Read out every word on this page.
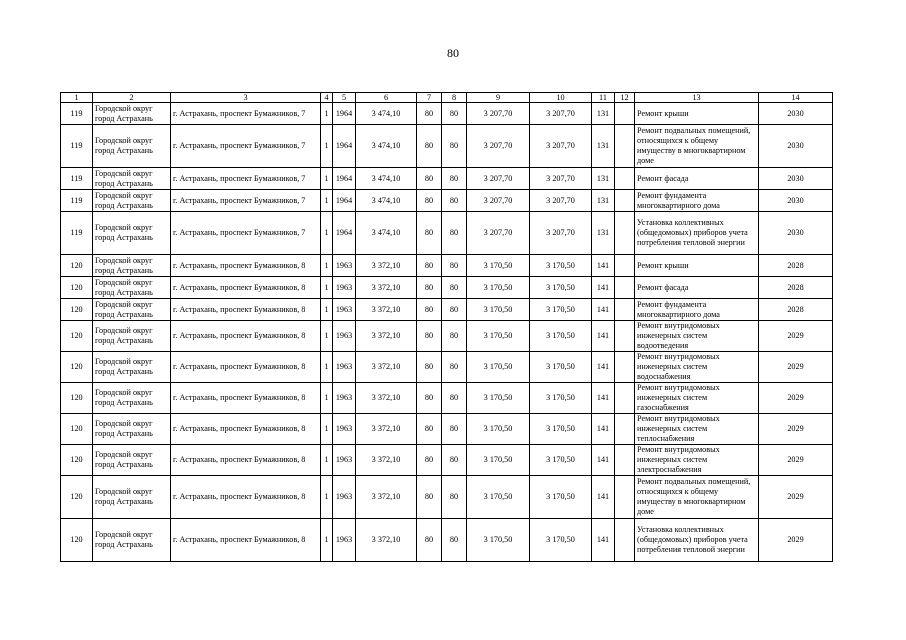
80
1	2	3	4	5	6	7	8	9	10	11	12	13	14
119	Городской округ город Астрахань	г. Астрахань, проспект Бумажников, 7	1	1964	3 474,10	80	80	3 207,70	3 207,70	131		Ремонт крыши	2030
119	Городской округ город Астрахань	г. Астрахань, проспект Бумажников, 7	1	1964	3 474,10	80	80	3 207,70	3 207,70	131		Ремонт подвальных помещений, относящихся к общему имуществу в многоквартирном доме	2030
119	Городской округ город Астрахань	г. Астрахань, проспект Бумажников, 7	1	1964	3 474,10	80	80	3 207,70	3 207,70	131		Ремонт фасада	2030
119	Городской округ город Астрахань	г. Астрахань, проспект Бумажников, 7	1	1964	3 474,10	80	80	3 207,70	3 207,70	131		Ремонт фундамента многоквартирного дома	2030
119	Городской округ город Астрахань	г. Астрахань, проспект Бумажников, 7	1	1964	3 474,10	80	80	3 207,70	3 207,70	131		Установка коллективных (общедомовых) приборов учета потребления тепловой энергии	2030
120	Городской округ город Астрахань	г. Астрахань, проспект Бумажников, 8	1	1963	3 372,10	80	80	3 170,50	3 170,50	141		Ремонт крыши	2028
120	Городской округ город Астрахань	г. Астрахань, проспект Бумажников, 8	1	1963	3 372,10	80	80	3 170,50	3 170,50	141		Ремонт фасада	2028
120	Городской округ город Астрахань	г. Астрахань, проспект Бумажников, 8	1	1963	3 372,10	80	80	3 170,50	3 170,50	141		Ремонт фундамента многоквартирного дома	2028
120	Городской округ город Астрахань	г. Астрахань, проспект Бумажников, 8	1	1963	3 372,10	80	80	3 170,50	3 170,50	141		Ремонт внутридомовых инженерных систем водоотведения	2029
120	Городской округ город Астрахань	г. Астрахань, проспект Бумажников, 8	1	1963	3 372,10	80	80	3 170,50	3 170,50	141		Ремонт внутридомовых инженерных систем водоснабжения	2029
120	Городской округ город Астрахань	г. Астрахань, проспект Бумажников, 8	1	1963	3 372,10	80	80	3 170,50	3 170,50	141		Ремонт внутридомовых инженерных систем газоснабжения	2029
120	Городской округ город Астрахань	г. Астрахань, проспект Бумажников, 8	1	1963	3 372,10	80	80	3 170,50	3 170,50	141		Ремонт внутридомовых инженерных систем теплоснабжения	2029
120	Городской округ город Астрахань	г. Астрахань, проспект Бумажников, 8	1	1963	3 372,10	80	80	3 170,50	3 170,50	141		Ремонт внутридомовых инженерных систем электроснабжения	2029
120	Городской округ город Астрахань	г. Астрахань, проспект Бумажников, 8	1	1963	3 372,10	80	80	3 170,50	3 170,50	141		Ремонт подвальных помещений, относящихся к общему имуществу в многоквартирном доме	2029
120	Городской округ город Астрахань	г. Астрахань, проспект Бумажников, 8	1	1963	3 372,10	80	80	3 170,50	3 170,50	141		Установка коллективных (общедомовых) приборов учета потребления тепловой энергии	2029
